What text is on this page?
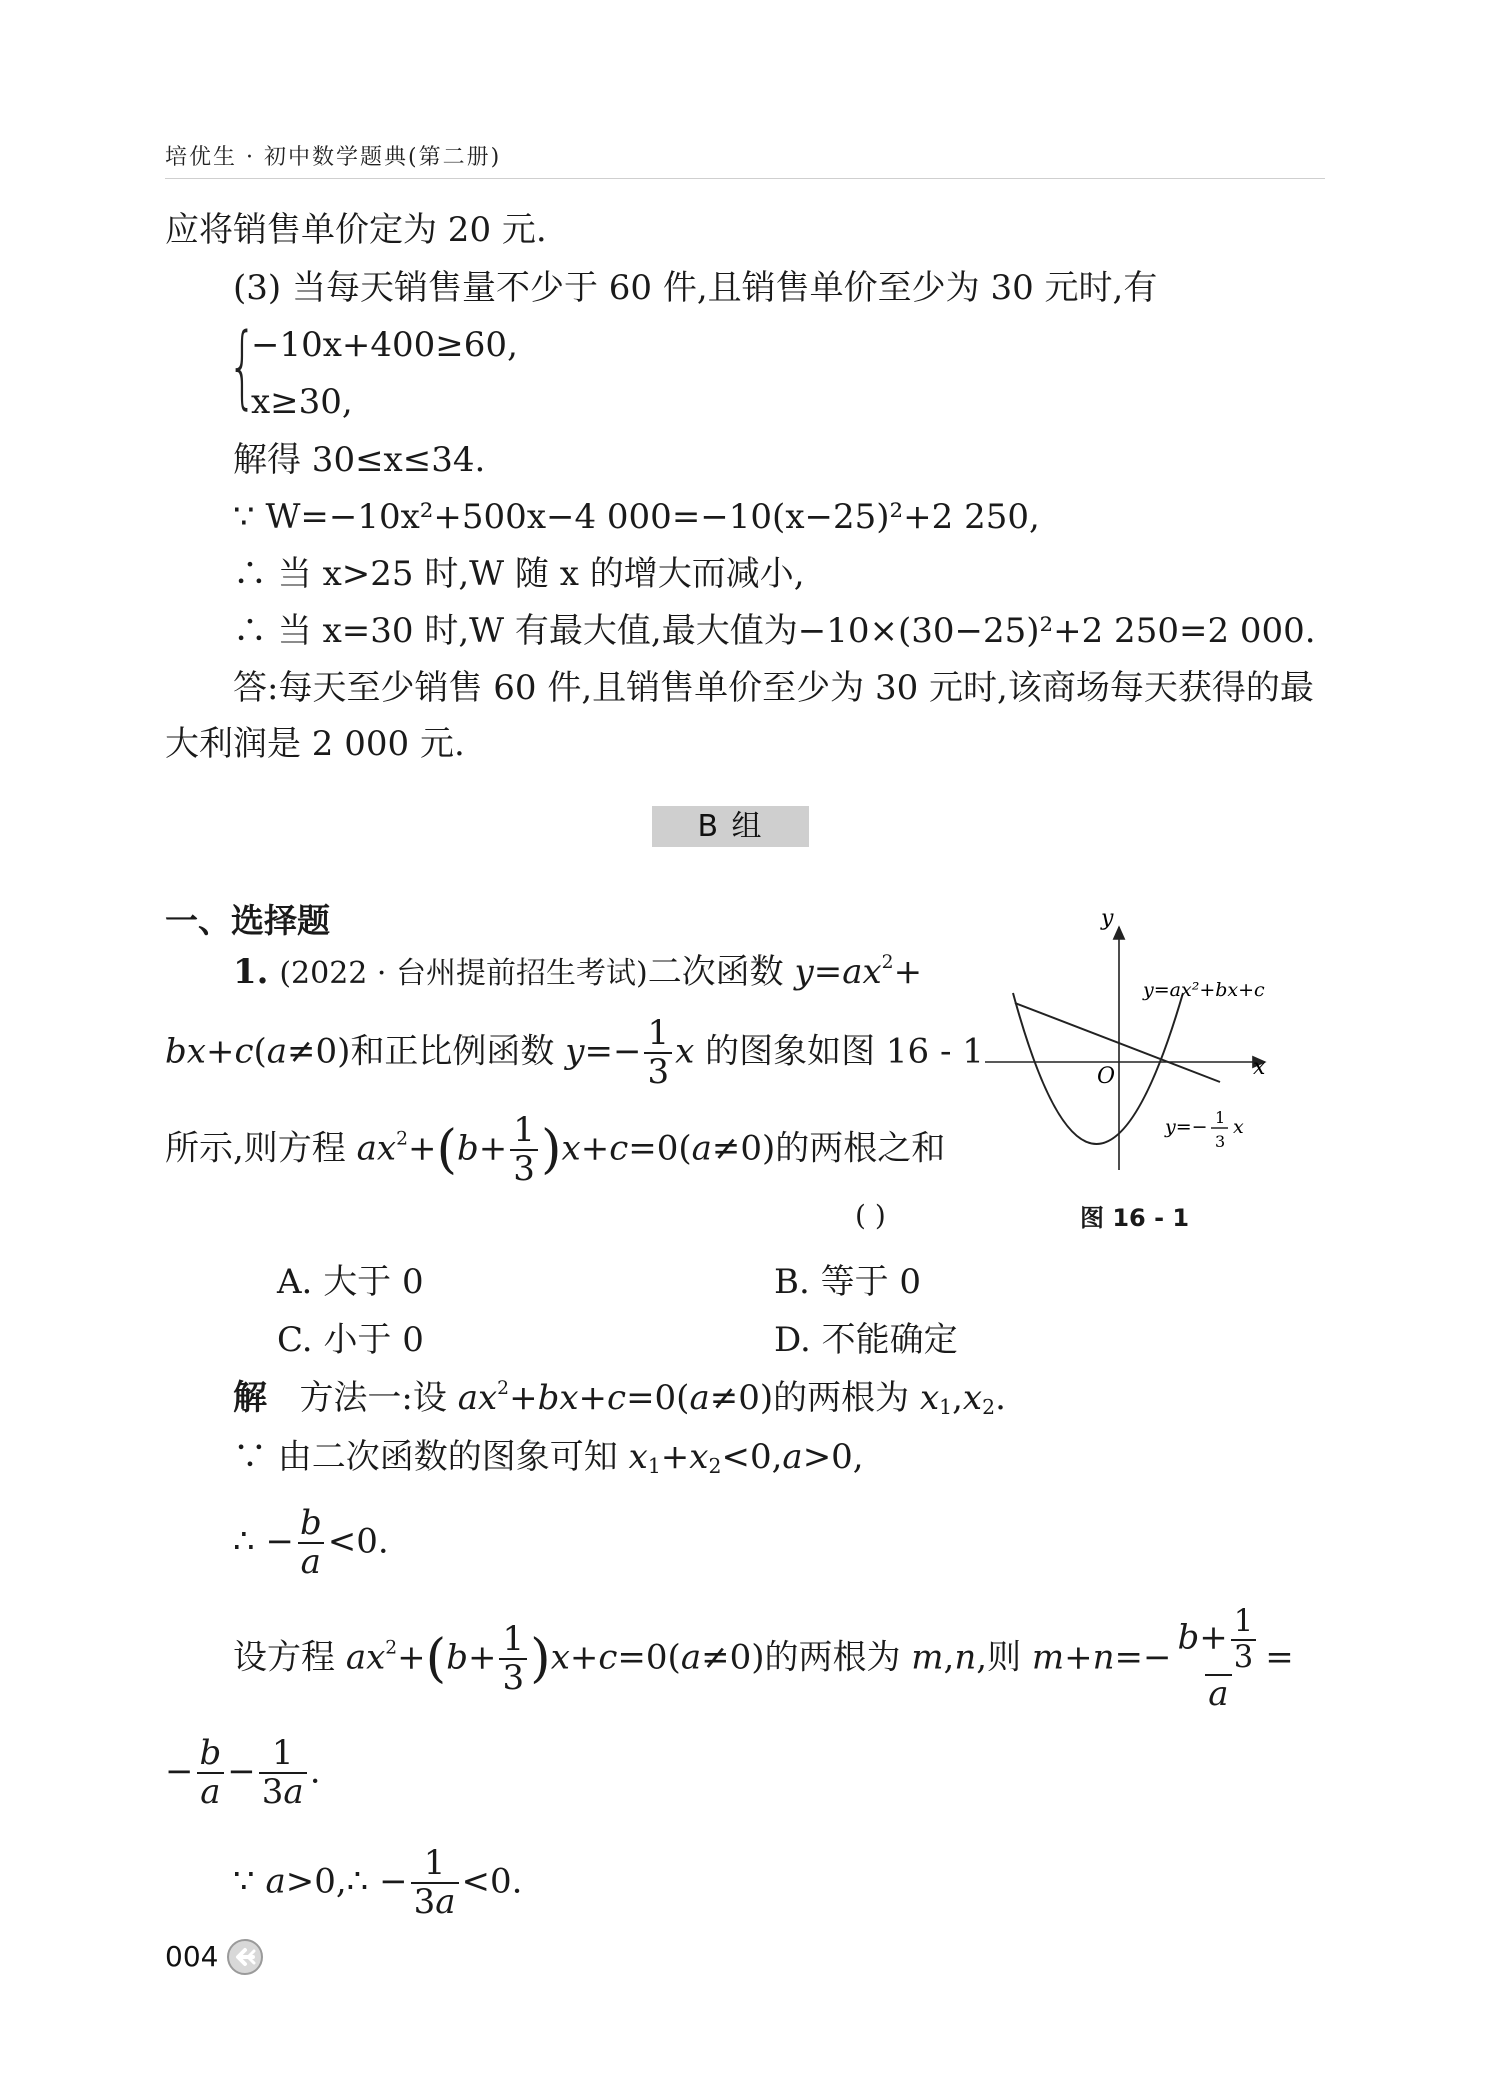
培优生 · 初中数学题典(第二册)
应将销售单价定为 20 元.
(3) 当每天销售量不少于 60 件,且销售单价至少为 30 元时,有
{
−10x+400≥60,
x≥30,
解得 30≤x≤34.
∵ W=−10x²+500x−4 000=−10(x−25)²+2 250,
∴ 当 x>25 时,W 随 x 的增大而减小,
∴ 当 x=30 时,W 有最大值,最大值为−10×(30−25)²+2 250=2 000.
答:每天至少销售 60 件,且销售单价至少为 30 元时,该商场每天获得的最
大利润是 2 000 元.
B 组
一、选择题
1. (2022 · 台州提前招生考试)二次函数 $y=ax^2+$
bx+c(a≠0)和正比例函数 $y=- \frac{1}{3}$ x 的图象如图 16 - 1
所示,则方程 $ax^2+(b+ \frac{1}{3} )x+c=0(a\ne 0)$的两根之和
( )
y
x
O
y=ax²+bx+c
y=− 1
3
x
图 16 - 1
A. 大于 0	B. 等于 0
C. 小于 0	D. 不能确定
解 方法一:设 $ax^2+bx+c=0(a\ne 0)$的两根为 $x_1,x_2$.
∵ 由二次函数的图象可知 $x_1+x_2<0,a>0$,
∴ − $\frac{b}{a} <0$.
设方程 $ax^2+(b+ \frac{1}{3} )x+c=0(a\ne 0)$的两根为 m,n,则 $m+n=- \frac{b+ \frac{1}{3}}{a}$ =
− $\frac{b}{a} - \frac{1}{3a}$ .
∵ a>0,∴ − $\frac{1}{3a} <0$.
004
